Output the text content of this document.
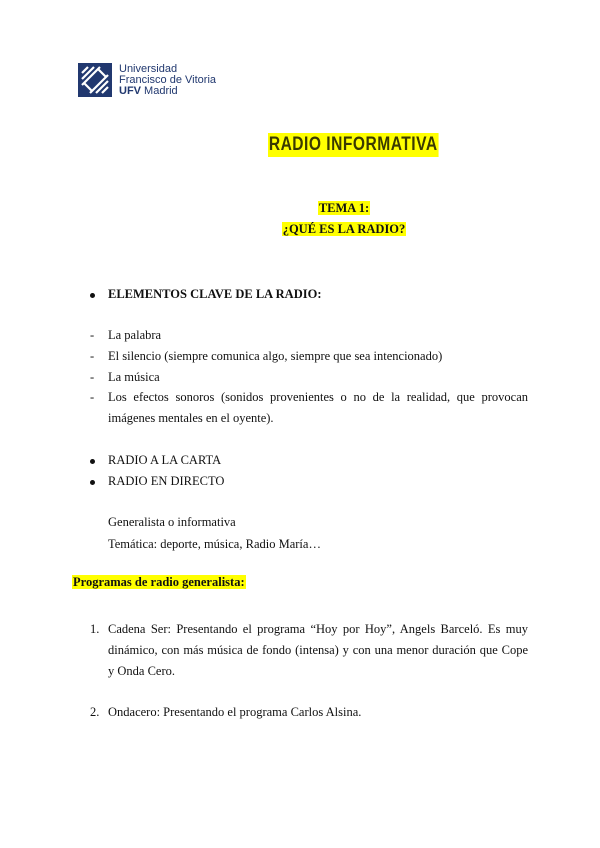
Universidad
Francisco de Vitoria
UFV Madrid
RADIO INFORMATIVA
TEMA 1:
¿QUÉ ES LA RADIO?
ELEMENTOS CLAVE DE LA RADIO:
- La palabra
- El silencio (siempre comunica algo, siempre que sea intencionado)
- La música
-	Los efectos sonoros (sonidos provenientes o no de la realidad, que provocan imágenes mentales en el oyente).
RADIO A LA CARTA
RADIO EN DIRECTO
Generalista o informativa
Temática: deporte, música, Radio María…
Programas de radio generalista:
1. Cadena Ser: Presentando el programa “Hoy por Hoy”, Angels Barceló. Es muy dinámico, con más música de fondo (intensa) y con una menor duración que Cope y Onda Cero.
2. Ondacero: Presentando el programa Carlos Alsina.
